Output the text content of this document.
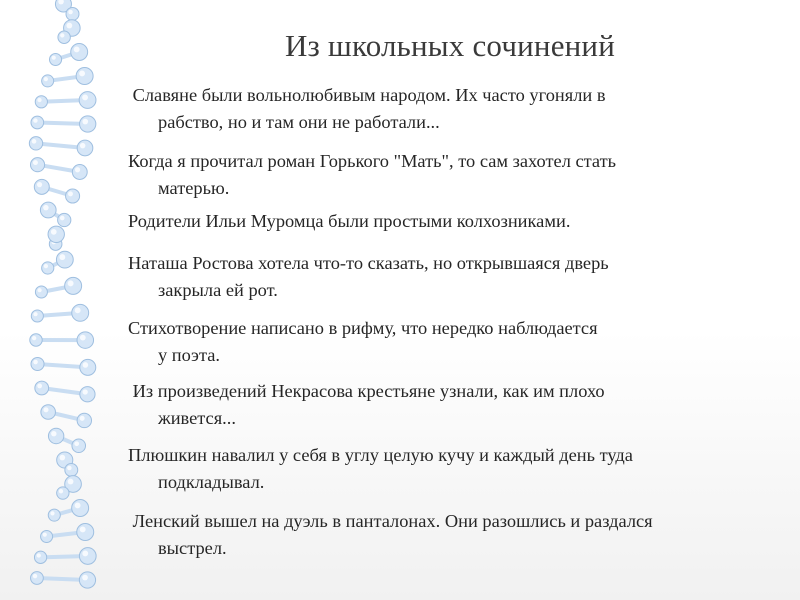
Из школьных сочинений
Славяне были вольнолюбивым народом. Их часто угоняли в
рабство, но и там они не работали...
Когда я прочитал роман Горького "Мать", то сам захотел стать
матерью.
Родители Ильи Муромца были простыми колхозниками.
Наташа Ростова хотела что-то сказать, но открывшаяся дверь
закрыла ей рот.
Стихотворение написано в рифму, что нередко наблюдается
у поэта.
Из произведений Некрасова крестьяне узнали, как им плохо
живется...
Плюшкин навалил у себя в углу целую кучу и каждый день туда
подкладывал.
Ленский вышел на дуэль в панталонах. Они разошлись и раздался
выстрел.
